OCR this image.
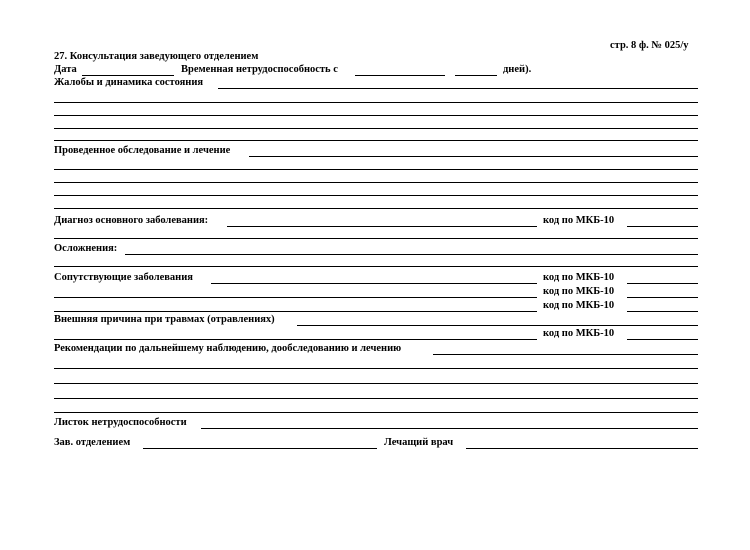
стр. 8 ф. № 025/у
27. Консультация заведующего отделением
Дата	Временная нетрудоспособность с	дней).
Жалобы и динамика состояния
Проведенное обследование и лечение
Диагноз основного заболевания:	код по МКБ-10
Осложнения:
Сопутствующие заболевания	код по МКБ-10
код по МКБ-10
код по МКБ-10
Внешняя причина при травмах (отравлениях)
код по МКБ-10
Рекомендации по дальнейшему наблюдению, дообследованию и лечению
Листок нетрудоспособности
Зав. отделением	Лечащий врач
